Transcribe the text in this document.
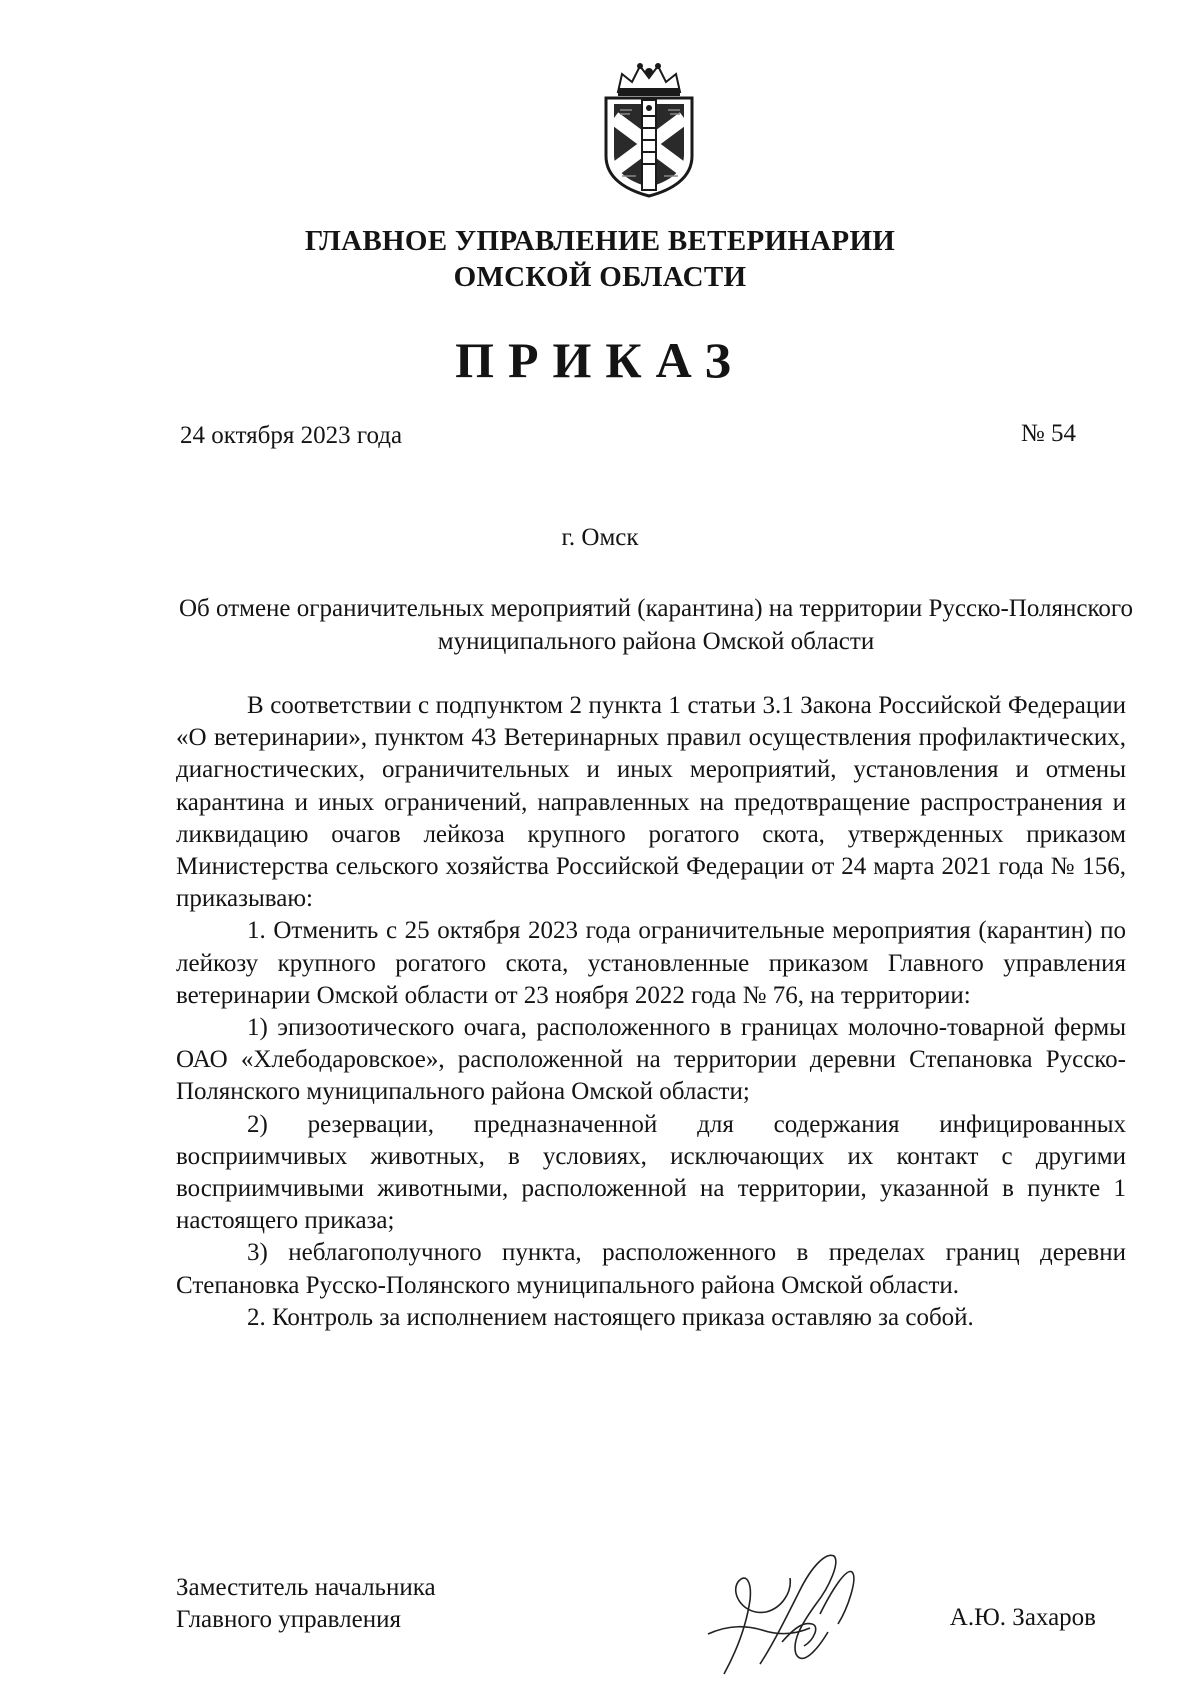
ГЛАВНОЕ УПРАВЛЕНИЕ ВЕТЕРИНАРИИ
ОМСКОЙ ОБЛАСТИ
ПРИКАЗ
24 октября 2023 года	№ 54
г. Омск
Об отмене ограничительных мероприятий (карантина) на территории Русско-Полянского муниципального района Омской области

В соответствии с подпунктом 2 пункта 1 статьи 3.1 Закона Российской Федерации «О ветеринарии», пунктом 43 Ветеринарных правил осуществления профилактических, диагностических, ограничительных и иных мероприятий, установления и отмены карантина и иных ограничений, направленных на предотвращение распространения и ликвидацию очагов лейкоза крупного рогатого скота, утвержденных приказом Министерства сельского хозяйства Российской Федерации от 24 марта 2021 года № 156, приказываю:

1. Отменить с 25 октября 2023 года ограничительные мероприятия (карантин) по лейкозу крупного рогатого скота, установленные приказом Главного управления ветеринарии Омской области от 23 ноября 2022 года № 76, на территории:

1) эпизоотического очага, расположенного в границах молочно-товарной фермы ОАО «Хлебодаровское», расположенной на территории деревни Степановка Русско-Полянского муниципального района Омской области;

2) резервации, предназначенной для содержания инфицированных восприимчивых животных, в условиях, исключающих их контакт с другими восприимчивыми животными, расположенной на территории, указанной в пункте 1 настоящего приказа;

3) неблагополучного пункта, расположенного в пределах границ деревни Степановка Русско-Полянского муниципального района Омской области.

2. Контроль за исполнением настоящего приказа оставляю за собой.

Заместитель начальника
Главного управления	А.Ю. Захаров
